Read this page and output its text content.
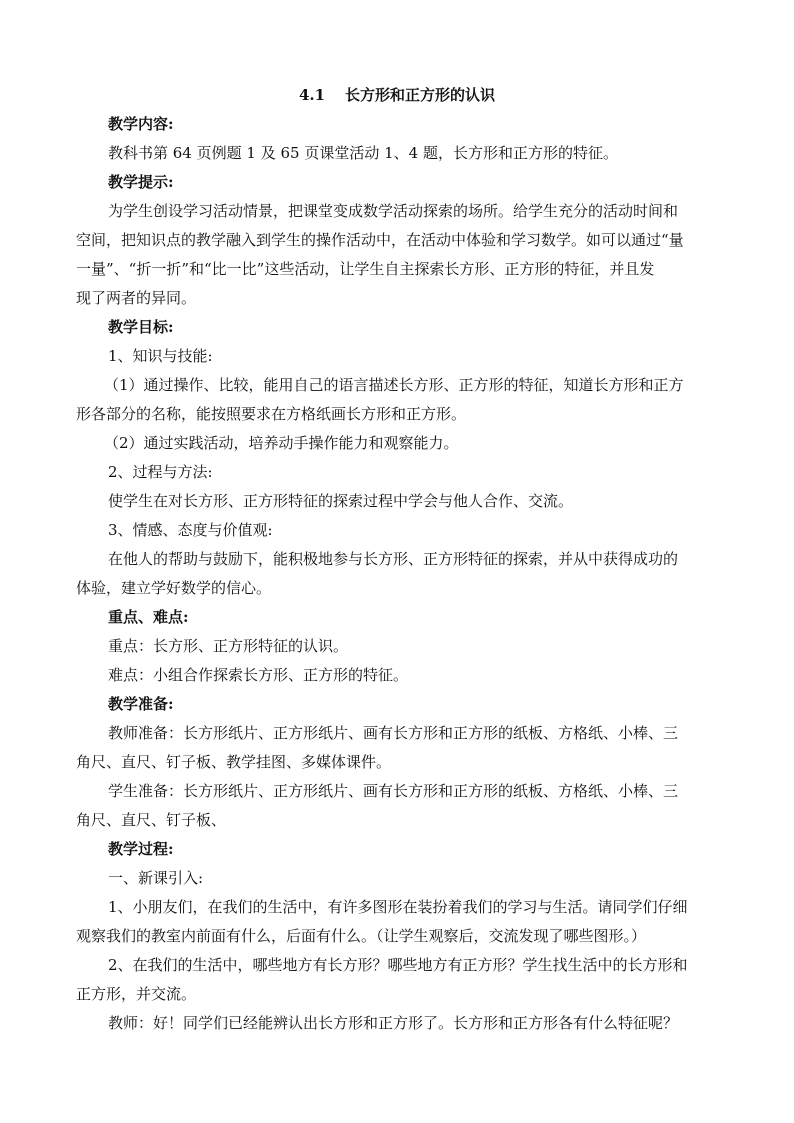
4.1 长方形和正方形的认识
教学内容:
教科书第 64 页例题 1 及 65 页课堂活动 1、4 题，长方形和正方形的特征。
教学提示:
为学生创设学习活动情景，把课堂变成数学活动探索的场所。给学生充分的活动时间和
空间，把知识点的教学融入到学生的操作活动中，在活动中体验和学习数学。如可以通过“量
一量”、“折一折”和“比一比”这些活动，让学生自主探索长方形、正方形的特征，并且发
现了两者的异同。
教学目标:
1、知识与技能:
（1）通过操作、比较，能用自己的语言描述长方形、正方形的特征，知道长方形和正方
形各部分的名称，能按照要求在方格纸画长方形和正方形。
（2）通过实践活动，培养动手操作能力和观察能力。
2、过程与方法:
使学生在对长方形、正方形特征的探索过程中学会与他人合作、交流。
3、情感、态度与价值观:
在他人的帮助与鼓励下，能积极地参与长方形、正方形特征的探索，并从中获得成功的
体验，建立学好数学的信心。
重点、难点:
重点：长方形、正方形特征的认识。
难点：小组合作探索长方形、正方形的特征。
教学准备:
教师准备：长方形纸片、正方形纸片、画有长方形和正方形的纸板、方格纸、小棒、三
角尺、直尺、钉子板、教学挂图、多媒体课件。
学生准备：长方形纸片、正方形纸片、画有长方形和正方形的纸板、方格纸、小棒、三
角尺、直尺、钉子板、
教学过程:
一、新课引入:
1、小朋友们，在我们的生活中，有许多图形在装扮着我们的学习与生活。请同学们仔细
观察我们的教室内前面有什么，后面有什么。（让学生观察后，交流发现了哪些图形。）
2、在我们的生活中，哪些地方有长方形？哪些地方有正方形？学生找生活中的长方形和
正方形，并交流。
教师：好！同学们已经能辨认出长方形和正方形了。长方形和正方形各有什么特征呢？
